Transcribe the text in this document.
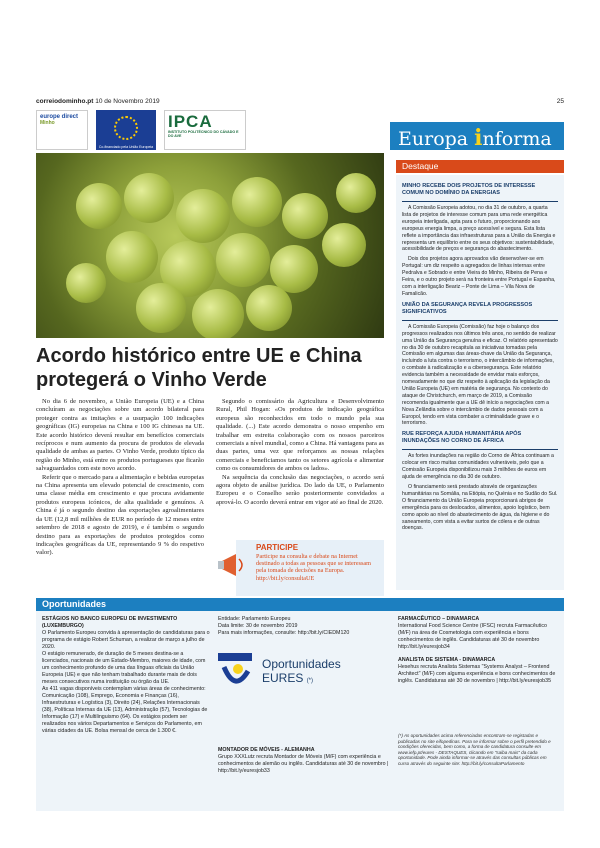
correiodominho.pt 10 de Novembro 2019	25
europe direct
Minho
Co-financiado pela União Europeia
IPCA
INSTITUTO POLITÉCNICO DO CÁVADO E DO AVE	Europa informa
Acordo histórico entre UE e China protegerá o Vinho Verde

No dia 6 de novembro, a União Europeia (UE) e a China concluíram as negociações sobre um acordo bilateral para proteger contra as imitações e a usurpação 100 indicações geográficas (IG) europeias na China e 100 IG chinesas na UE. Este acordo histórico deverá resultar em benefícios comerciais recíprocos e num aumento da procura de produtos de elevada qualidade de ambas as partes. O Vinho Verde, produto típico da região do Minho, está entre os produtos portugueses que ficarão salvaguardados com este novo acordo.

Referir que o mercado para a alimentação e bebidas europeias na China apresenta um elevado potencial de crescimento, com uma classe média em crescimento e que procura avidamente produtos europeus icónicos, de alta qualidade e genuínos. A China é já o segundo destino das exportações agroalimentares da UE (12,8 mil milhões de EUR no período de 12 meses entre setembro de 2018 e agosto de 2019), e é também o segundo destino para as exportações de produtos protegidos como indicações geográficas da UE, representando 9 % do respetivo valor).

Segundo o comissário da Agricultura e Desenvolvimento Rural, Phil Hogan: «Os produtos de indicação geográfica europeus são reconhecidos em todo o mundo pela sua qualidade. (...) Este acordo demonstra o nosso empenho em trabalhar em estreita colaboração com os nossos parceiros comerciais a nível mundial, como a China. Há vantagens para as duas partes, uma vez que reforçamos as nossas relações comerciais e beneficiamos tanto os setores agrícola e alimentar como os consumidores de ambos os lados».

Na sequência da conclusão das negociações, o acordo será agora objeto de análise jurídica. Do lado da UE, o Parlamento Europeu e o Conselho serão posteriormente convidados a aprová-lo. O acordo deverá entrar em vigor até ao final de 2020.

PARTICIPE
Participe na consulta e debate na Internet destinado a todas as pessoas que se interessam pela tomada de decisões na Europa. http://bit.ly/consultaUE
Destaque
MINHO RECEBE DOIS PROJETOS DE INTERESSE COMUM NO DOMÍNIO DA ENERGIAS
A Comissão Europeia adotou, no dia 31 de outubro, a quarta lista de projetos de interesse comum para uma rede energética europeia interligada, apta para o futuro, proporcionando aos europeus energia limpa, a preço acessível e segura. Esta lista reflete a importância das infraestruturas para a União da Energia e representa um equilíbrio entre os seus objetivos: sustentabilidade, acessibilidade de preços e segurança do abastecimento.
Dois dos projetos agora aprovados vão desenvolver-se em Portugal: um diz respeito a agregados de linhas internas entre Pedralva e Sobrado e entre Vieira do Minho, Ribeira de Pena e Feira, e o outro projeto será na fronteira entre Portugal e Espanha, com a interligação Beariz – Ponte de Lima – Vila Nova de Famalicão.
UNIÃO DA SEGURANÇA REVELA PROGRESSOS SIGNIFICATIVOS
A Comissão Europeia (Comissão) faz hoje o balanço dos progressos realizados nos últimos três anos, no sentido de realizar uma União da Segurança genuína e eficaz. O relatório apresentado no dia 30 de outubro recapitula as iniciativas tomadas pela Comissão em algumas das áreas-chave da União da Segurança, incluindo a luta contra o terrorismo, o intercâmbio de informações, o combate à radicalização e a cibersegurança. Este relatório evidencia também a necessidade de envidar mais esforços, nomeadamente no que diz respeito à aplicação da legislação da União Europeia (UE) em matéria de segurança. No contexto do ataque de Christchurch, em março de 2019, a Comissão recomenda igualmente que a UE dê início a negociações com a Nova Zelândia sobre o intercâmbio de dados pessoais com a Europol, tendo em vista combater a criminalidade grave e o terrorismo.
RUE REFORÇA AJUDA HUMANITÁRIA APÓS INUNDAÇÕES NO CORNO DE ÁFRICA
As fortes inundações na região do Corno de África continuam a colocar em risco muitas comunidades vulneráveis, pelo que a Comissão Europeia disponibilizou mais 3 milhões de euros em ajuda de emergência no dia 30 de outubro.
O financiamento será prestado através de organizações humanitárias na Somália, na Etiópia, no Quénia e no Sudão do Sul. O financiamento da União Europeia proporcionará abrigos de emergência para os deslocados, alimentos, apoio logístico, bem como apoio ao nível do abastecimento de água, da higiene e do saneamento, com vista a evitar surtos de cólera e de outras doenças.
Oportunidades
ESTÁGIOS NO BANCO EUROPEU DE INVESTIMENTO (LUXEMBURGO)
O Parlamento Europeu convida à apresentação de candidaturas para o programa de estágio Robert Schuman, a realizar de março a julho de 2020.
O estágio remunerado, de duração de 5 meses destina-se a licenciados, nacionais de um Estado-Membro, maiores de idade, com um conhecimento profundo de uma das línguas oficiais da União Europeia (UE) e que não tenham trabalhado durante mais de dois meses consecutivos numa instituição ou órgão da UE.
As 411 vagas disponíveis contemplam várias áreas de conhecimento: Comunicação (108), Emprego, Economia e Finanças (16), Infraestruturas e Logística (3), Direito (24), Relações Internacionais (38), Políticas Internas da UE (13), Administração (57), Tecnologias de Informação (17) e Multilinguismo (64). Os estágios podem ser realizados nos vários Departamentos e Serviços do Parlamento, em várias cidades da UE. Bolsa mensal de cerca de 1.300 €.
Entidade: Parlamento Europeu
Data limite: 30 de novembro 2019
Para mais informações, consulte: http://bit.ly/CIEDM120
Oportunidades
EURES (*)
MONTADOR DE MÓVEIS - ALEMANHA
Grupo XXXLutz recruta Montador de Móveis (M/F) com experiência e conhecimentos de alemão ou inglês. Candidaturas até 30 de novembro | http://bit.ly/euresjob33
FARMACÊUTICO – DINAMARCA
International Food Science Centre (IFSC) recruta Farmacêutico (M/F) na área de Cosmetologia com experiência e bons conhecimentos de inglês. Candidaturas até 30 de novembro http://bit.ly/euresjob34
ANALISTA DE SISTEMA - DINAMARCA
Hesehus recruta Analista Sistemas "Systems Analyst – Frontend Architect" (M/F) com alguma experiência e bons conhecimentos de inglês. Candidaturas até 30 de novembro | http://bit.ly/euresjob35
(*) As oportunidades acima referenciadas encontram-se registadas e publicadas no site eifopedinas. Para se informar sobre o perfil pretendido e condições oferecidas, bem como, a forma de candidatura consulte em www.iefp.pt/eures - DESTAQUES, clicando em "saiba mais" da cada oportunidade. Pode ainda informar-se através das consultas públicas em curso através do seguinte site: http://bit.ly/consultaParlamento
